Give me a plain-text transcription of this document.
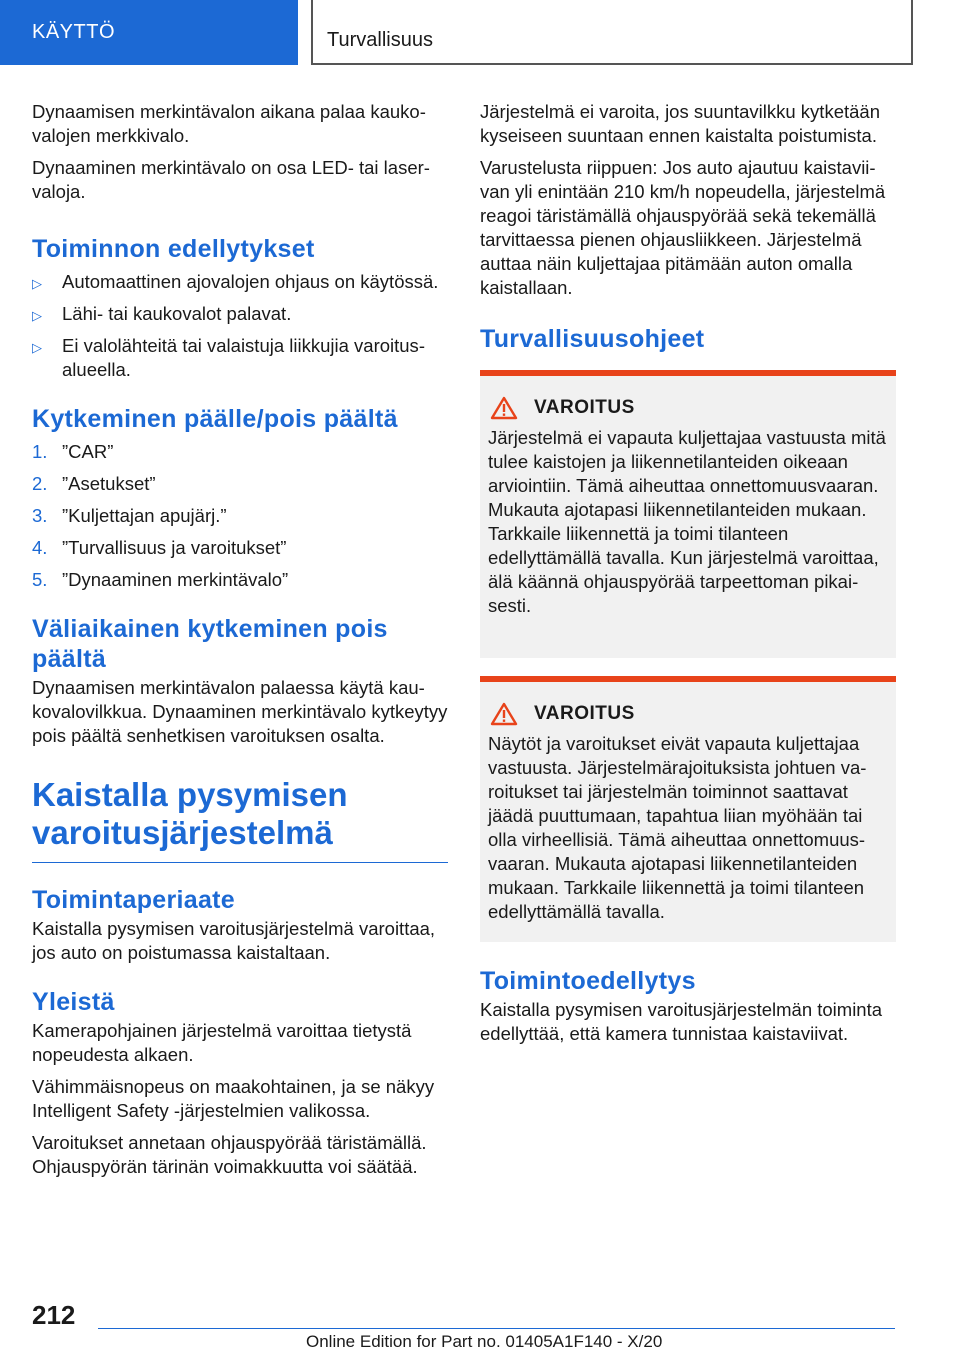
KÄYTTÖ	Turvallisuus

Dynaamisen merkintävalon aikana palaa kaukovalojen merkkivalo.

Dynaaminen merkintävalo on osa LED- tai laservaloja.

Toiminnon edellytykset
▷ Automaattinen ajovalojen ohjaus on käytössä.
▷ Lähi- tai kaukovalot palavat.
▷ Ei valolähteitä tai valaistuja liikkujia varoitusalueella.
Kytkeminen päälle/pois päältä
1. ”CAR”
2. ”Asetukset”
3. ”Kuljettajan apujärj.”
4. ”Turvallisuus ja varoitukset”
5. ”Dynaaminen merkintävalo”
Väliaikainen kytkeminen pois päältä

Dynaamisen merkintävalon palaessa käytä kaukovalovilkkua. Dynaaminen merkintävalo kytkeytyy pois päältä senhetkisen varoituksen osalta.

Kaistalla pysymisen varoitusjärjestelmä
Toimintaperiaate

Kaistalla pysymisen varoitusjärjestelmä varoittaa, jos auto on poistumassa kaistaltaan.

Yleistä

Kamerapohjainen järjestelmä varoittaa tietystä nopeudesta alkaen.

Vähimmäisnopeus on maakohtainen, ja se näkyy Intelligent Safety -järjestelmien valikossa.

Varoitukset annetaan ohjauspyörää täristämällä. Ohjauspyörän tärinän voimakkuutta voi säätää.

Järjestelmä ei varoita, jos suuntavilkku kytketään kyseiseen suuntaan ennen kaistalta poistumista.

Varustelusta riippuen: Jos auto ajautuu kaistaviivan yli enintään 210 km/h nopeudella, järjestelmä reagoi täristämällä ohjauspyörää sekä tekemällä tarvittaessa pienen ohjausliikkeen. Järjestelmä auttaa näin kuljettajaa pitämään auton omalla kaistallaan.

Turvallisuusohjeet
VAROITUS

Järjestelmä ei vapauta kuljettajaa vastuusta mitä tulee kaistojen ja liikennetilanteiden oikeaan arviointiin. Tämä aiheuttaa onnettomuusvaaran. Mukauta ajotapasi liikennetilanteiden mukaan. Tarkkaile liikennettä ja toimi tilanteen edellyttämällä tavalla. Kun järjestelmä varoittaa, älä käännä ohjauspyörää tarpeettoman pikaisesti.

VAROITUS

Näytöt ja varoitukset eivät vapauta kuljettajaa vastuusta. Järjestelmärajoituksista johtuen varoitukset tai järjestelmän toiminnot saattavat jäädä puuttumaan, tapahtua liian myöhään tai olla virheellisiä. Tämä aiheuttaa onnettomuusvaaran. Mukauta ajotapasi liikennetilanteiden mukaan. Tarkkaile liikennettä ja toimi tilanteen edellyttämällä tavalla.

Toimintoedellytys

Kaistalla pysymisen varoitusjärjestelmän toiminta edellyttää, että kamera tunnistaa kaistaviivat.

212
Online Edition for Part no. 01405A1F140 - X/20
